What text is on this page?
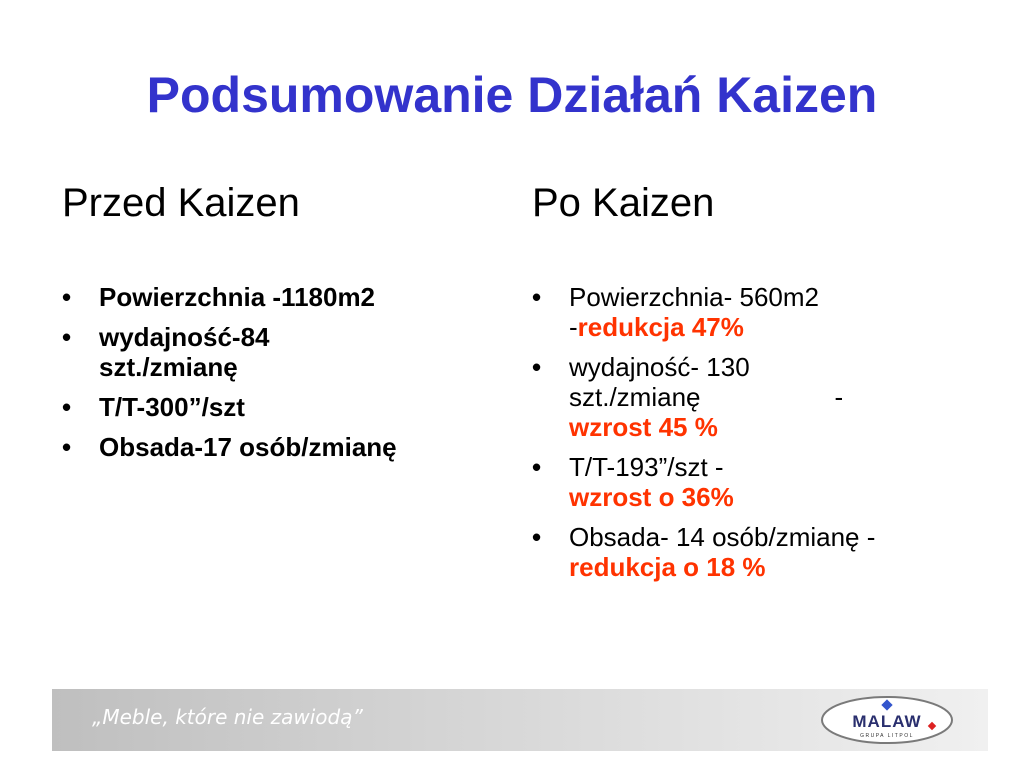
Podsumowanie Działań Kaizen
Przed Kaizen
• Powierzchnia -1180m2
• wydajność-84 szt./zmianę
• T/T-300”/szt
• Obsada-17 osób/zmianę
Po Kaizen
• Powierzchnia- 560m2
-redukcja 47%
• wydajność- 130
szt./zmianę	-
wzrost 45 %
• T/T-193”/szt -
wzrost o 36%
• Obsada- 14 osób/zmianę - redukcja o 18 %
„Meble, które nie zawiodą”	MALAW
GRUPA LITPOL
